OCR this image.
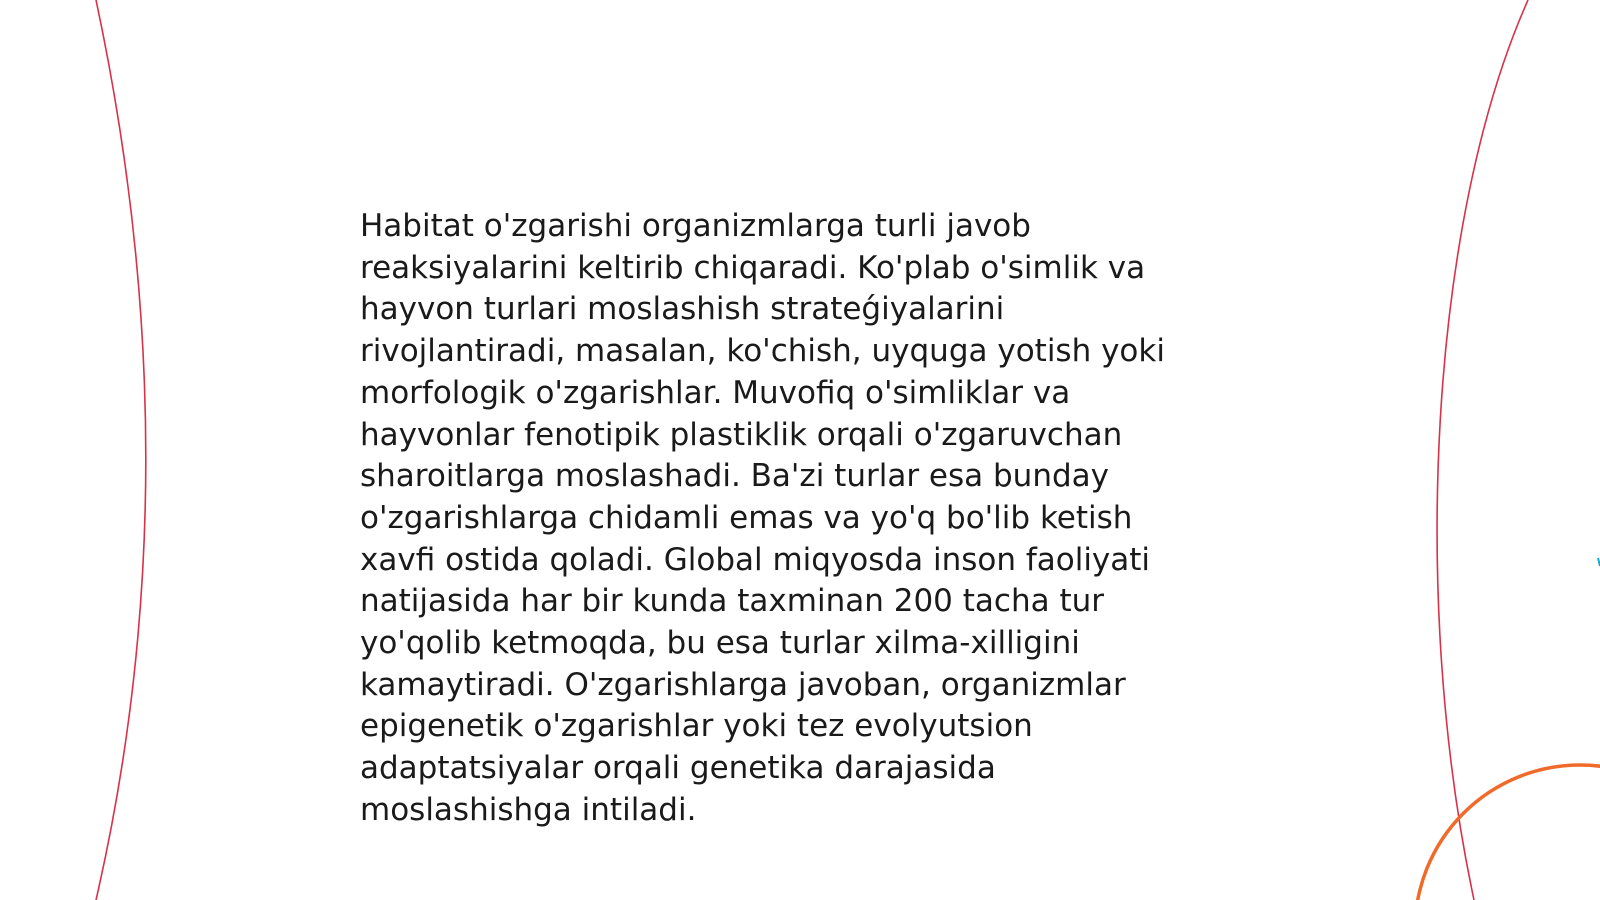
Habitat o'zgarishi organizmlarga turli javob
reaksiyalarini keltirib chiqaradi. Ko'plab o'simlik va
hayvon turlari moslashish strateǵiyalarini
rivojlantiradi, masalan, ko'chish, uyquga yotish yoki
morfologik o'zgarishlar. Muvofiq o'simliklar va
hayvonlar fenotipik plastiklik orqali o'zgaruvchan
sharoitlarga moslashadi. Ba'zi turlar esa bunday
o'zgarishlarga chidamli emas va yo'q bo'lib ketish
xavfi ostida qoladi. Global miqyosda inson faoliyati
natijasida har bir kunda taxminan 200 tacha tur
yo'qolib ketmoqda, bu esa turlar xilma-xilligini
kamaytiradi. O'zgarishlarga javoban, organizmlar
epigenetik o'zgarishlar yoki tez evolyutsion
adaptatsiyalar orqali genetika darajasida
moslashishga intiladi.
